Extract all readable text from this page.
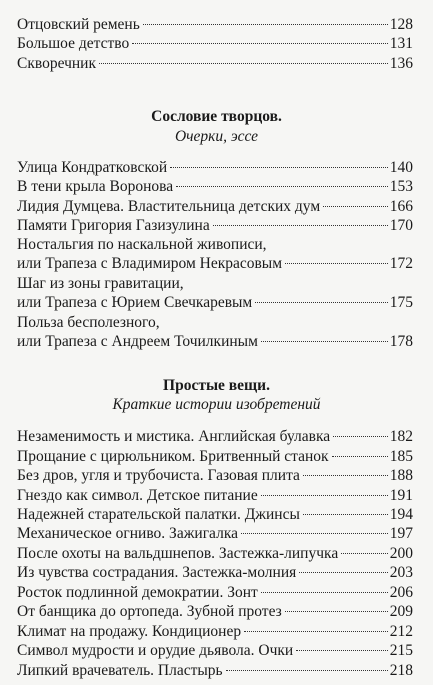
Отцовский ремень	128
Большое детство	131
Скворечник	136
Сословие творцов.
Очерки, эссе
Улица Кондратковской	140
В тени крыла Воронова	153
Лидия Думцева. Властительница детских дум	166
Памяти Григория Газизулина	170
Ностальгия по наскальной живописи,
или Трапеза с Владимиром Некрасовым	172
Шаг из зоны гравитации,
или Трапеза с Юрием Свечкаревым	175
Польза бесполезного,
или Трапеза с Андреем Точилкиным	178
Простые вещи.
Краткие истории изобретений
Незаменимость и мистика. Английская булавка	182
Прощание с цирюльником. Бритвенный станок	185
Без дров, угля и трубочиста. Газовая плита	188
Гнездо как символ. Детское питание	191
Надежней старательской палатки. Джинсы	194
Механическое огниво. Зажигалка	197
После охоты на вальдшнепов. Застежка-липучка	200
Из чувства сострадания. Застежка-молния	203
Росток подлинной демократии. Зонт	206
От банщика до ортопеда. Зубной протез	209
Климат на продажу. Кондиционер	212
Символ мудрости и орудие дьявола. Очки	215
Липкий врачеватель. Пластырь	218
